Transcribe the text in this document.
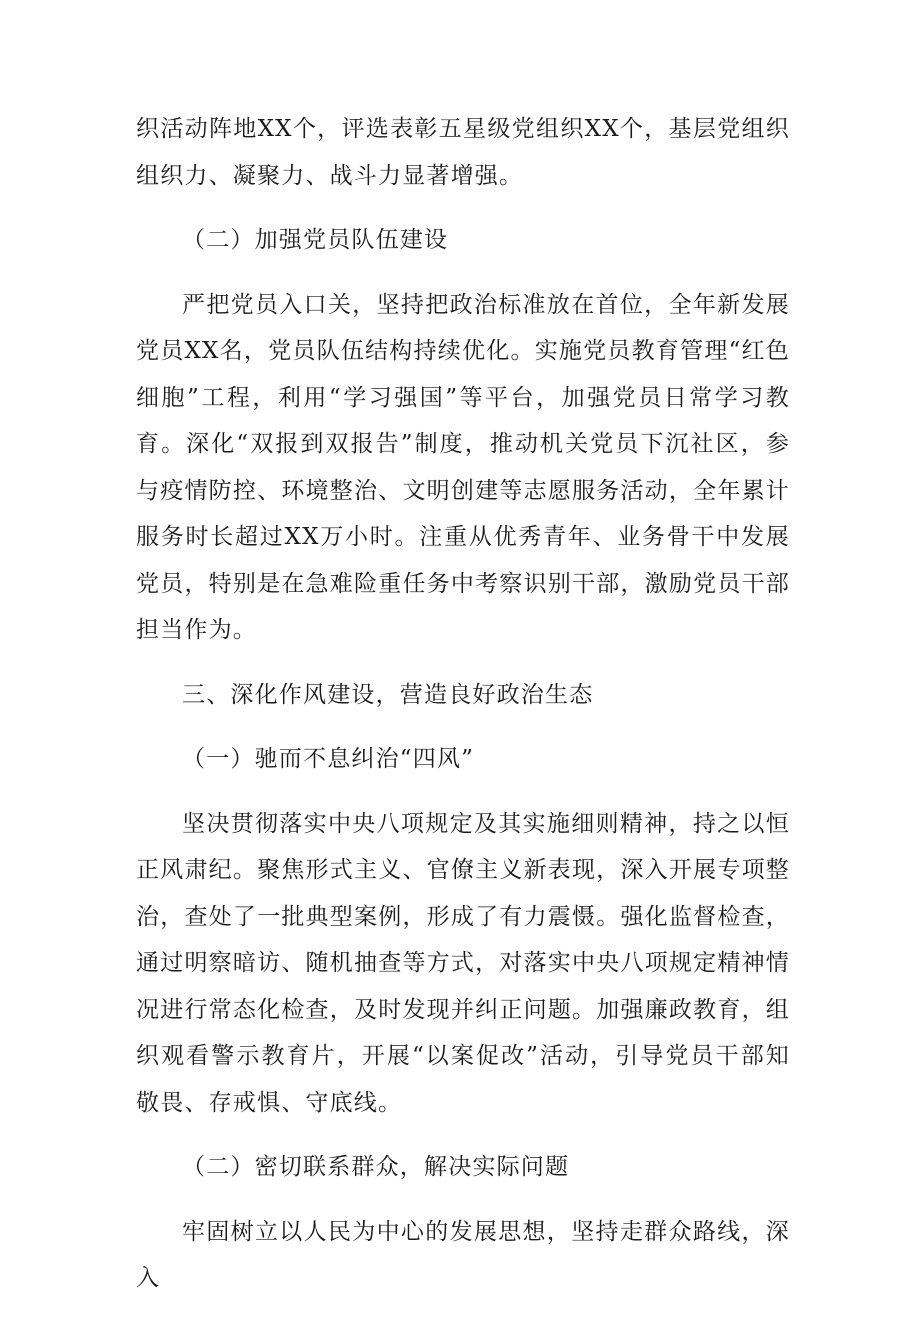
织活动阵地XX个，评选表彰五星级党组织XX个，基层党组织组织力、凝聚力、战斗力显著增强。

（二）加强党员队伍建设

严把党员入口关，坚持把政治标准放在首位，全年新发展党员XX名，党员队伍结构持续优化。实施党员教育管理“红色细胞”工程，利用“学习强国”等平台，加强党员日常学习教育。深化“双报到双报告”制度，推动机关党员下沉社区，参与疫情防控、环境整治、文明创建等志愿服务活动，全年累计服务时长超过XX万小时。注重从优秀青年、业务骨干中发展党员，特别是在急难险重任务中考察识别干部，激励党员干部担当作为。

三、深化作风建设，营造良好政治生态

（一）驰而不息纠治“四风”

坚决贯彻落实中央八项规定及其实施细则精神，持之以恒正风肃纪。聚焦形式主义、官僚主义新表现，深入开展专项整治，查处了一批典型案例，形成了有力震慑。强化监督检查，通过明察暗访、随机抽查等方式，对落实中央八项规定精神情况进行常态化检查，及时发现并纠正问题。加强廉政教育，组织观看警示教育片，开展“以案促改”活动，引导党员干部知敬畏、存戒惧、守底线。

（二）密切联系群众，解决实际问题

牢固树立以人民为中心的发展思想，坚持走群众路线，深入
